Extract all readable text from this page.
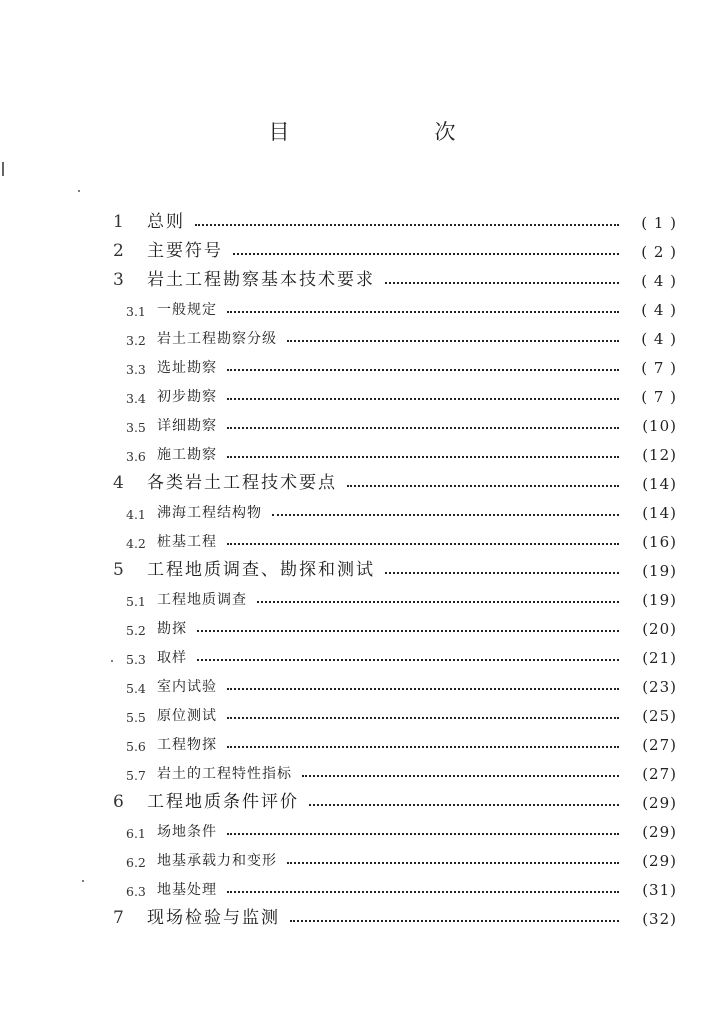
目　次
1	总则	( 1 )
2	主要符号	( 2 )
3	岩土工程勘察基本技术要求	( 4 )
3.1 一般规定	( 4 )
3.2 岩土工程勘察分级	( 4 )
3.3 选址勘察	( 7 )
3.4 初步勘察	( 7 )
3.5 详细勘察	(10)
3.6 施工勘察	(12)
4	各类岩土工程技术要点	(14)
4.1 沸海工程结构物	(14)
4.2 桩基工程	(16)
5	工程地质调查、勘探和测试	(19)
5.1 工程地质调查	(19)
5.2 勘探	(20)
5.3 取样	(21)
5.4 室内试验	(23)
5.5 原位测试	(25)
5.6 工程物探	(27)
5.7 岩土的工程特性指标	(27)
6	工程地质条件评价	(29)
6.1 场地条件	(29)
6.2 地基承载力和变形	(29)
6.3 地基处理	(31)
7	现场检验与监测	(32)
